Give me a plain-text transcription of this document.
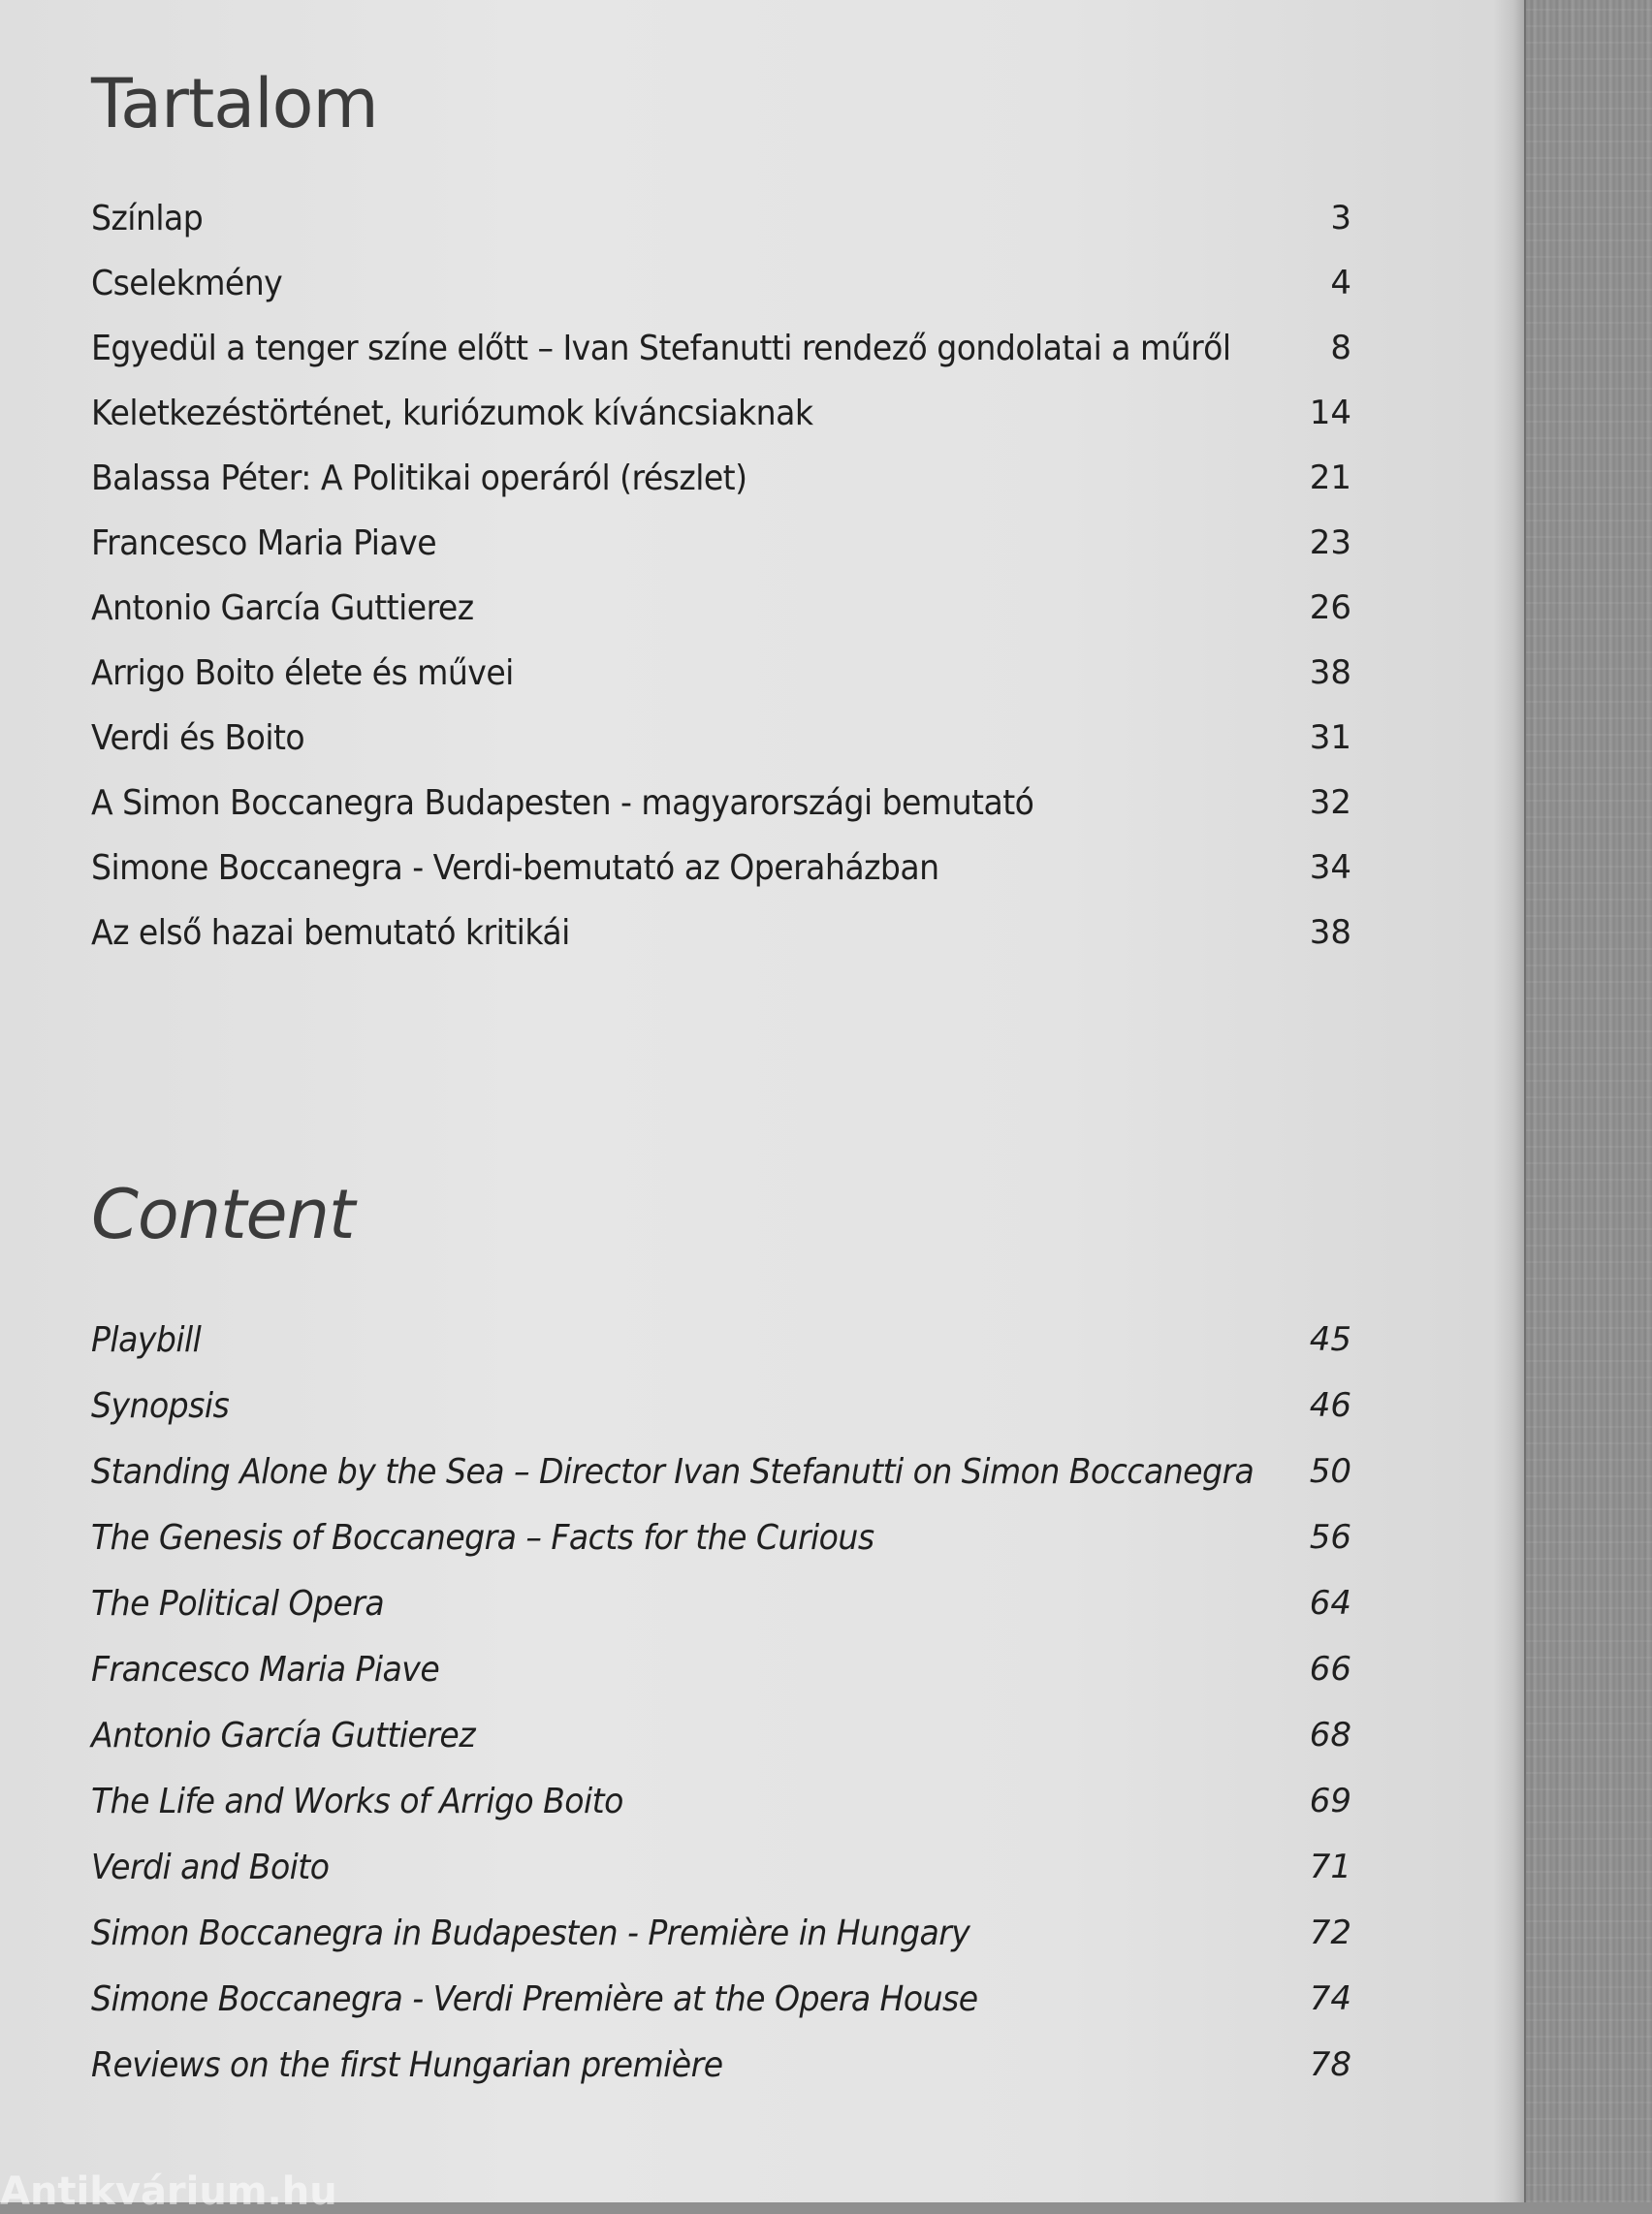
Tartalom
Színlap	3
Cselekmény	4
Egyedül a tenger színe előtt – Ivan Stefanutti rendező gondolatai a műről	8
Keletkezéstörténet, kuriózumok kíváncsiaknak	14
Balassa Péter: A Politikai operáról (részlet)	21
Francesco Maria Piave	23
Antonio García Guttierez	26
Arrigo Boito élete és művei	38
Verdi és Boito	31
A Simon Boccanegra Budapesten - magyarországi bemutató	32
Simone Boccanegra - Verdi-bemutató az Operaházban	34
Az első hazai bemutató kritikái	38
Content
Playbill	45
Synopsis	46
Standing Alone by the Sea – Director Ivan Stefanutti on Simon Boccanegra	50
The Genesis of Boccanegra – Facts for the Curious	56
The Political Opera	64
Francesco Maria Piave	66
Antonio García Guttierez	68
The Life and Works of Arrigo Boito	69
Verdi and Boito	71
Simon Boccanegra in Budapesten - Première in Hungary	72
Simone Boccanegra - Verdi Première at the Opera House	74
Reviews on the first Hungarian première	78
Antikvárium.hu
